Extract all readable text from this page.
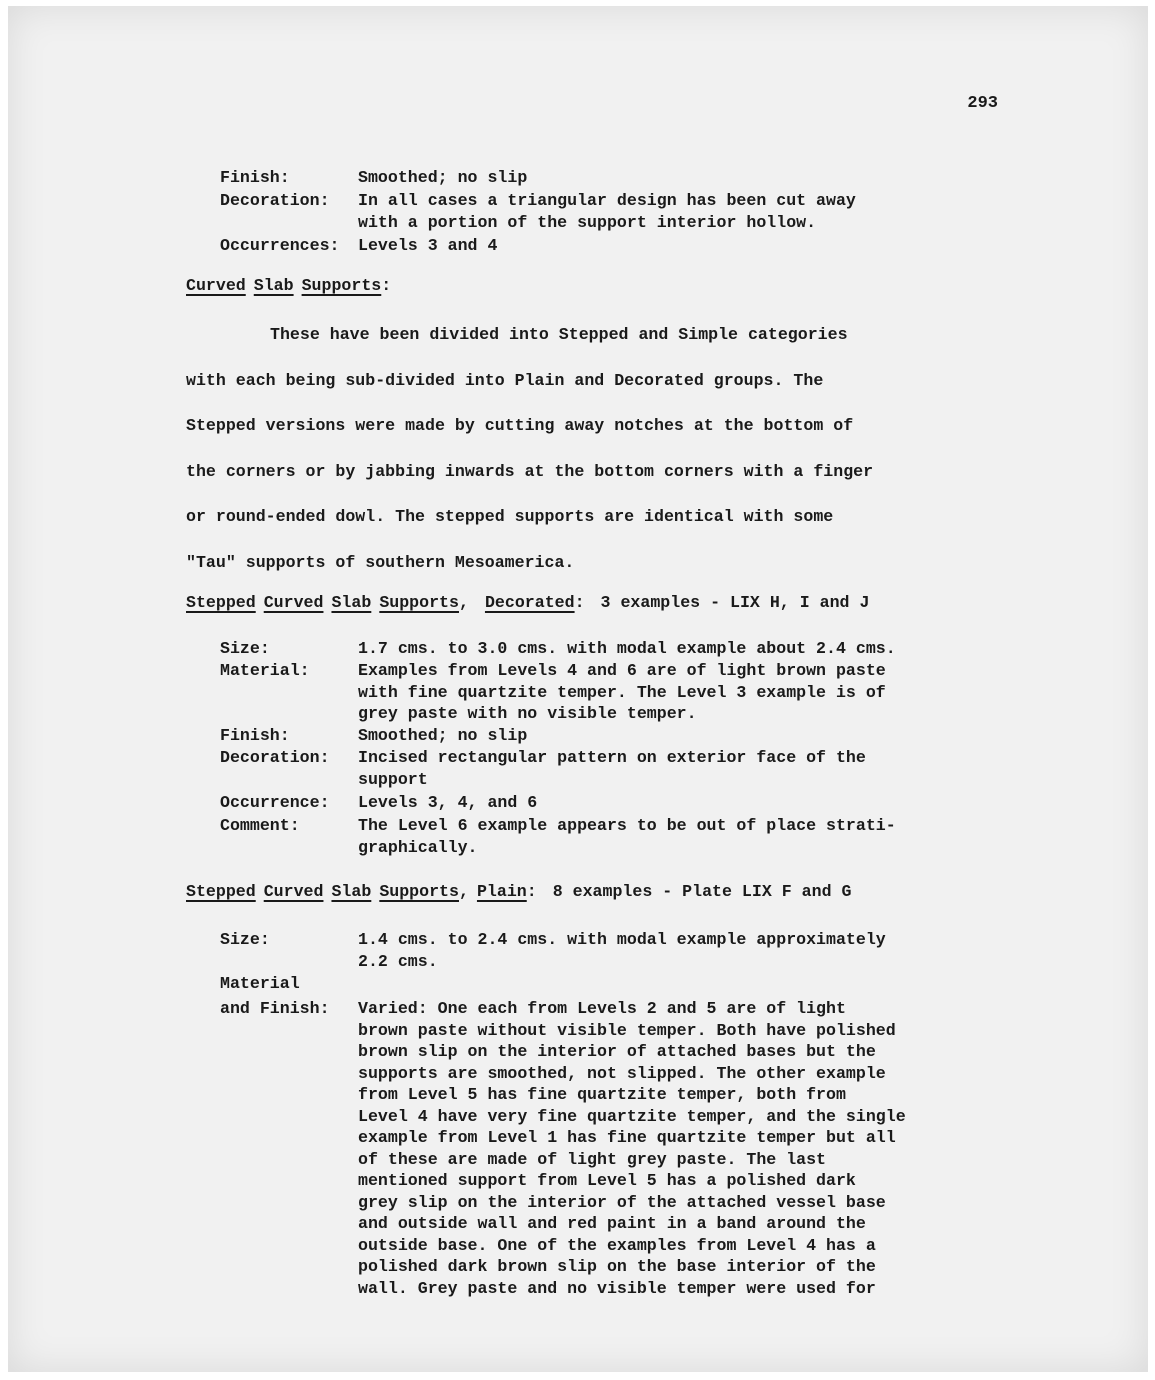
293
Finish:	Smoothed; no slip
Decoration: In all cases a triangular design has been cut away
with a portion of the support interior hollow.
Occurrences: Levels 3 and 4
Curved Slab Supports:
These have been divided into Stepped and Simple categories
with each being sub-divided into Plain and Decorated groups. The
Stepped versions were made by cutting away notches at the bottom of
the corners or by jabbing inwards at the bottom corners with a finger
or round-ended dowl. The stepped supports are identical with some
"Tau" supports of southern Mesoamerica.
Stepped Curved Slab Supports, Decorated: 3 examples - LIX H, I and J
Size:	1.7 cms. to 3.0 cms. with modal example about 2.4 cms.
Material:	Examples from Levels 4 and 6 are of light brown paste
with fine quartzite temper. The Level 3 example is of
grey paste with no visible temper.
Finish:	Smoothed; no slip
Decoration: Incised rectangular pattern on exterior face of the
support
Occurrence: Levels 3, 4, and 6
Comment:	The Level 6 example appears to be out of place strati-
graphically.
Stepped Curved Slab Supports, Plain: 8 examples - Plate LIX F and G
Size:	1.4 cms. to 2.4 cms. with modal example approximately
2.2 cms.
Material
and Finish: Varied: One each from Levels 2 and 5 are of light
brown paste without visible temper. Both have polished
brown slip on the interior of attached bases but the
supports are smoothed, not slipped. The other example
from Level 5 has fine quartzite temper, both from
Level 4 have very fine quartzite temper, and the single
example from Level 1 has fine quartzite temper but all
of these are made of light grey paste. The last
mentioned support from Level 5 has a polished dark
grey slip on the interior of the attached vessel base
and outside wall and red paint in a band around the
outside base. One of the examples from Level 4 has a
polished dark brown slip on the base interior of the
wall. Grey paste and no visible temper were used for
